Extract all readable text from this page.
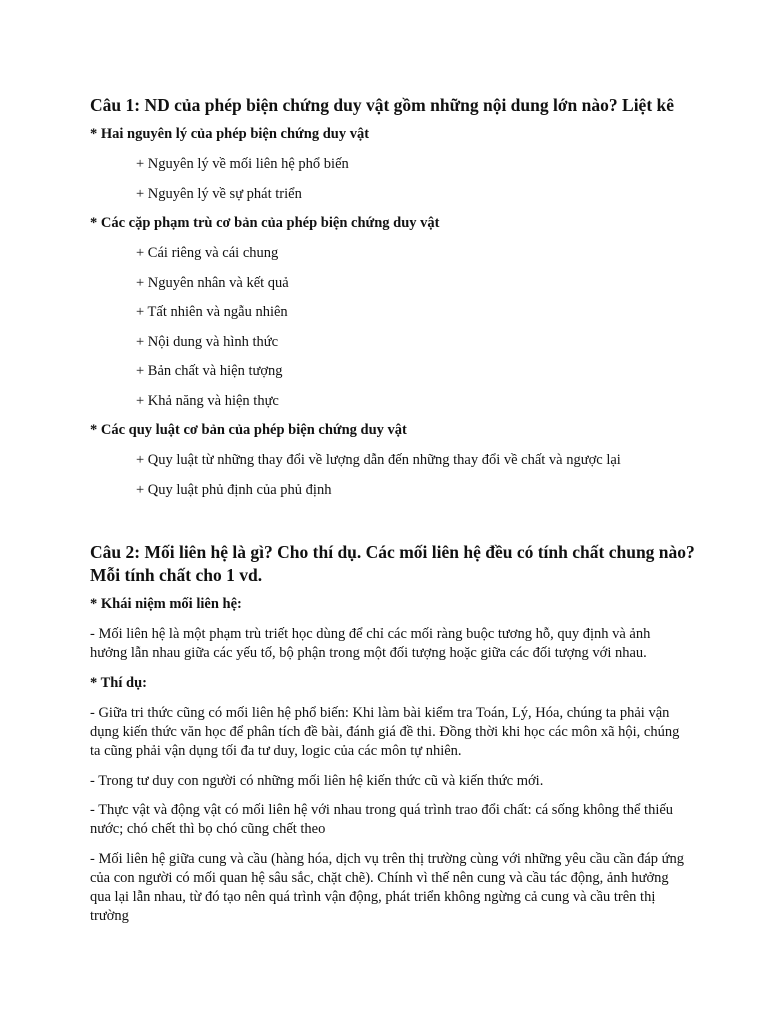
Câu 1: ND của phép biện chứng duy vật gồm những nội dung lớn nào? Liệt kê

* Hai nguyên lý của phép biện chứng duy vật

+ Nguyên lý về mối liên hệ phổ biến

+ Nguyên lý về sự phát triển

* Các cặp phạm trù cơ bản của phép biện chứng duy vật

+ Cái riêng và cái chung

+ Nguyên nhân và kết quả

+ Tất nhiên và ngẫu nhiên

+ Nội dung và hình thức

+ Bản chất và hiện tượng

+ Khả năng và hiện thực

* Các quy luật cơ bản của phép biện chứng duy vật

+ Quy luật từ những thay đổi về lượng dẫn đến những thay đổi về chất và ngược lại

+ Quy luật phủ định của phủ định

Câu 2: Mối liên hệ là gì? Cho thí dụ. Các mối liên hệ đều có tính chất chung nào? Mỗi tính chất cho 1 vd.

* Khái niệm mối liên hệ:

- Mối liên hệ là một phạm trù triết học dùng để chỉ các mối ràng buộc tương hỗ, quy định và ảnh hưởng lẫn nhau giữa các yếu tố, bộ phận trong một đối tượng hoặc giữa các đối tượng với nhau.

* Thí dụ:

- Giữa tri thức cũng có mối liên hệ phổ biến: Khi làm bài kiểm tra Toán, Lý, Hóa, chúng ta phải vận dụng kiến thức văn học để phân tích đề bài, đánh giá đề thi. Đồng thời khi học các môn xã hội, chúng ta cũng phải vận dụng tối đa tư duy, logic của các môn tự nhiên.

- Trong tư duy con người có những mối liên hệ kiến thức cũ và kiến thức mới.

- Thực vật và động vật có mối liên hệ với nhau trong quá trình trao đổi chất: cá sống không thể thiếu nước; chó chết thì bọ chó cũng chết theo

- Mối liên hệ giữa cung và cầu (hàng hóa, dịch vụ trên thị trường cùng với những yêu cầu cần đáp ứng của con người có mối quan hệ sâu sắc, chặt chẽ). Chính vì thế nên cung và cầu tác động, ảnh hưởng qua lại lẫn nhau, từ đó tạo nên quá trình vận động, phát triển không ngừng cả cung và cầu trên thị trường
